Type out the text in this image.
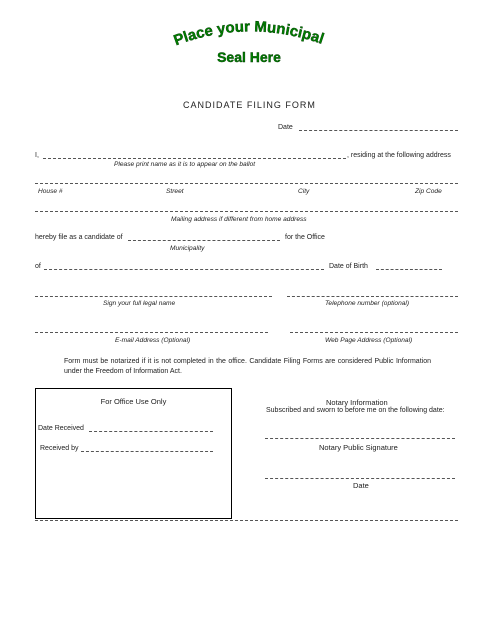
Place your Municipal
Seal Here
CANDIDATE FILING FORM
Date
I,	, residing at the following address
Please print name as it is to appear on the ballot
House #	Street	City	Zip Code
Mailing address if different from home address
hereby file as a candidate of	for the Office
Municipality
of	Date of Birth
Sign your full legal name	Telephone number (optional)
E-mail Address (Optional)	Web Page Address (Optional)
Form must be notarized if it is not completed in the office. Candidate Filing Forms are considered Public Information under the Freedom of Information Act.
For Office Use Only
Date Received
Received by
Notary Information
Subscribed and sworn to before me on the following date:
Notary Public Signature
Date
